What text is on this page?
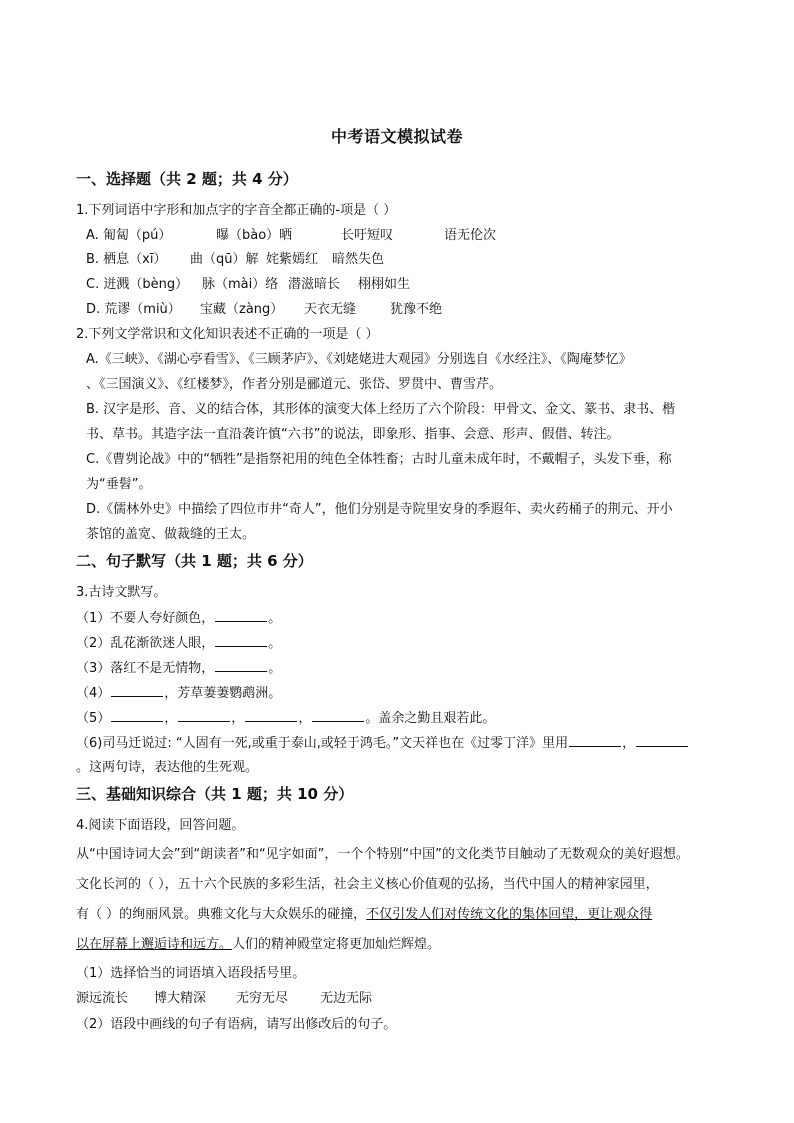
中考语文模拟试卷
一、选择题（共 2 题；共 4 分）
1.下列词语中字形和加点字的字音全都正确的-项是（ ）
A. 匍匐（pú）	曝（bào）晒	长吁短叹	语无伦次
B. 栖息（xī） 曲（qū）解 姹紫嫣红 暗然失色
C. 迸溅（bèng） 脉（mài）络 潜滋暗长 栩栩如生
D. 荒谬（miù） 宝藏（zàng） 天衣无缝	犹豫不绝
2.下列文学常识和文化知识表述不正确的一项是（ ）
A.《三峡》、《湖心亭看雪》、《三顾茅庐》、《刘姥姥进大观园》分别选自《水经注》、《陶庵梦忆》
、《三国演义》、《红楼梦》，作者分别是郦道元、张岱、罗贯中、曹雪芹。
B. 汉字是形、音、义的结合体，其形体的演变大体上经历了六个阶段：甲骨文、金文、篆书、隶书、楷
书、草书。其造字法一直沿袭许慎“六书”的说法，即象形、指事、会意、形声、假借、转注。
C.《曹刿论战》中的“牺牲”是指祭祀用的纯色全体牲畜；古时儿童未成年时，不戴帽子，头发下垂，称
为“垂髫”。
D.《儒林外史》中描绘了四位市井“奇人”，他们分别是寺院里安身的季遐年、卖火药桶子的荆元、开小
茶馆的盖宽、做裁缝的王太。
二、句子默写（共 1 题；共 6 分）
3.古诗文默写。
（1）不要人夸好颜色，	。
（2）乱花渐欲迷人眼，	。
（3）落红不是无情物，	。
（4）	，芳草萋萋鹦鹉洲。
（5）	，	，	，	。盖余之勤且艰若此。
（6)司马迁说过: “人固有一死,或重于泰山,或轻于鸿毛。”文天祥也在《过零丁洋》里用	，
。这两句诗，表达他的生死观。
三、基础知识综合（共 1 题；共 10 分）
4.阅读下面语段，回答问题。
从“中国诗词大会”到“朗读者”和“见字如面”，一个个特别“中国”的文化类节目触动了无数观众的美好遐想。
文化长河的（ ），五十六个民族的多彩生活，社会主义核心价值观的弘扬，当代中国人的精神家园里，
有（ ）的绚丽风景。典雅文化与大众娱乐的碰撞，不仅引发人们对传统文化的集体回望，更让观众得
以在屏幕上邂逅诗和远方。人们的精神殿堂定将更加灿烂辉煌。
（1）选择恰当的词语填入语段括号里。
源远流长 博大精深 无穷无尽 无边无际
（2）语段中画线的句子有语病，请写出修改后的句子。
